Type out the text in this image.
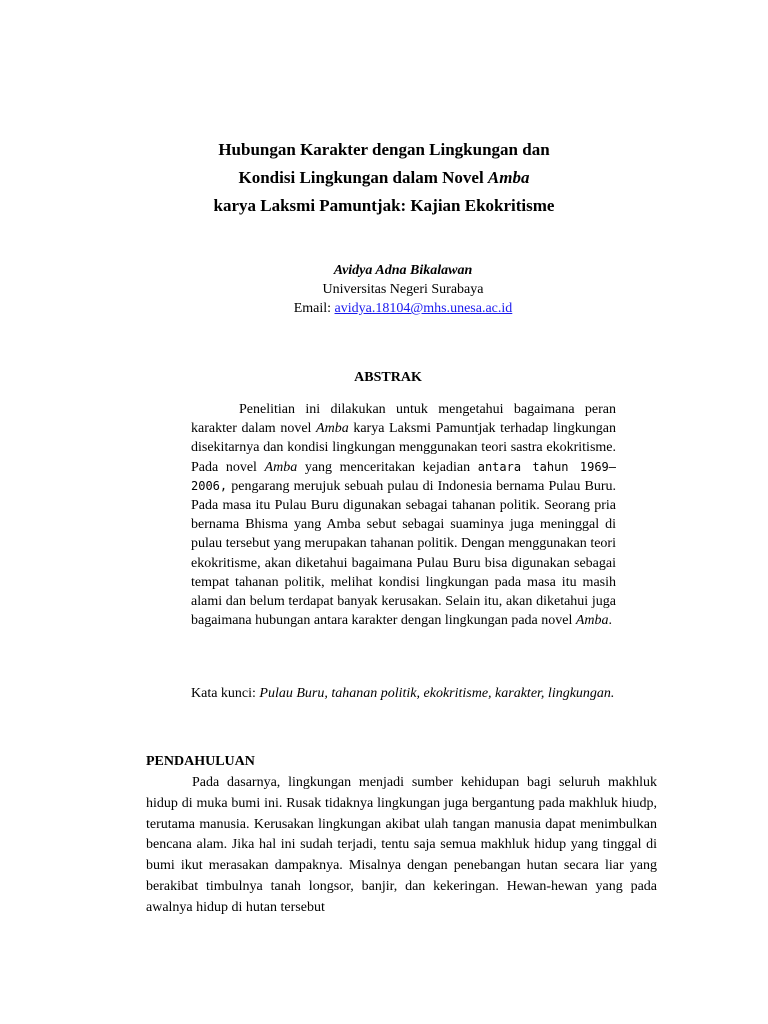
Hubungan Karakter dengan Lingkungan dan
Kondisi Lingkungan dalam Novel Amba
karya Laksmi Pamuntjak: Kajian Ekokritisme
Avidya Adna Bikalawan
Universitas Negeri Surabaya
Email: avidya.18104@mhs.unesa.ac.id
ABSTRAK

Penelitian ini dilakukan untuk mengetahui bagaimana peran karakter dalam novel Amba karya Laksmi Pamuntjak terhadap lingkungan disekitarnya dan kondisi lingkungan menggunakan teori sastra ekokritisme. Pada novel Amba yang menceritakan kejadian antara tahun 1969—2006, pengarang merujuk sebuah pulau di Indonesia bernama Pulau Buru. Pada masa itu Pulau Buru digunakan sebagai tahanan politik. Seorang pria bernama Bhisma yang Amba sebut sebagai suaminya juga meninggal di pulau tersebut yang merupakan tahanan politik. Dengan menggunakan teori ekokritisme, akan diketahui bagaimana Pulau Buru bisa digunakan sebagai tempat tahanan politik, melihat kondisi lingkungan pada masa itu masih alami dan belum terdapat banyak kerusakan. Selain itu, akan diketahui juga bagaimana hubungan antara karakter dengan lingkungan pada novel Amba.

Kata kunci: Pulau Buru, tahanan politik, ekokritisme, karakter, lingkungan.
PENDAHULUAN

Pada dasarnya, lingkungan menjadi sumber kehidupan bagi seluruh makhluk hidup di muka bumi ini. Rusak tidaknya lingkungan juga bergantung pada makhluk hiudp, terutama manusia. Kerusakan lingkungan akibat ulah tangan manusia dapat menimbulkan bencana alam. Jika hal ini sudah terjadi, tentu saja semua makhluk hidup yang tinggal di bumi ikut merasakan dampaknya. Misalnya dengan penebangan hutan secara liar yang berakibat timbulnya tanah longsor, banjir, dan kekeringan. Hewan-hewan yang pada awalnya hidup di hutan tersebut
